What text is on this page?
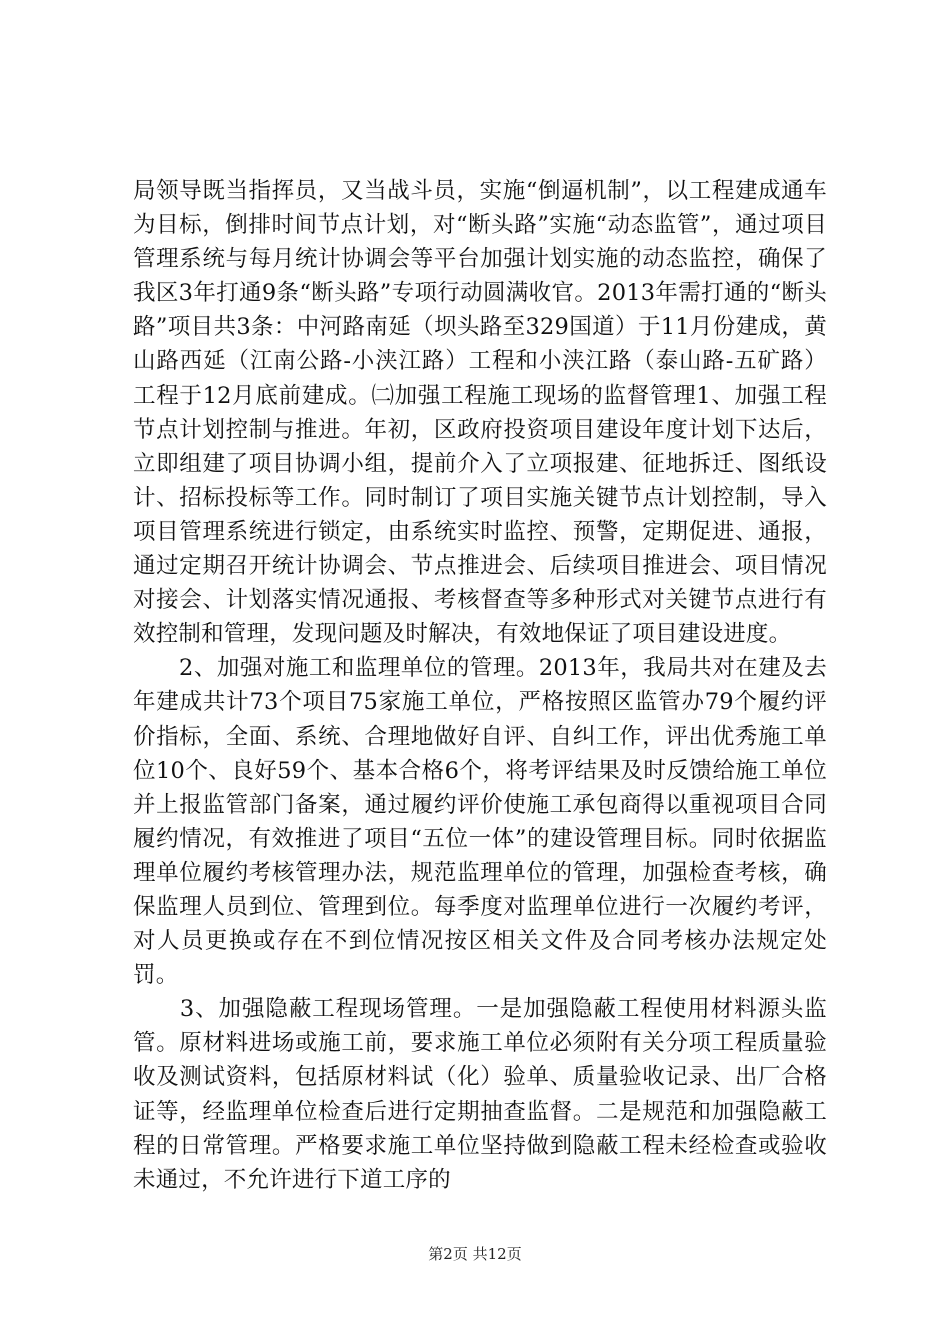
局领导既当指挥员，又当战斗员，实施“倒逼机制”，以工程建成通车为目标，倒排时间节点计划，对“断头路”实施“动态监管”，通过项目管理系统与每月统计协调会等平台加强计划实施的动态监控，确保了我区3年打通9条“断头路”专项行动圆满收官。2013年需打通的“断头路”项目共3条：中河路南延（坝头路至329国道）于11月份建成，黄山路西延（江南公路-小浃江路）工程和小浃江路（泰山路-五矿路）工程于12月底前建成。㈡加强工程施工现场的监督管理1、加强工程节点计划控制与推进。年初，区政府投资项目建设年度计划下达后，立即组建了项目协调小组，提前介入了立项报建、征地拆迁、图纸设计、招标投标等工作。同时制订了项目实施关键节点计划控制，导入项目管理系统进行锁定，由系统实时监控、预警，定期促进、通报，通过定期召开统计协调会、节点推进会、后续项目推进会、项目情况对接会、计划落实情况通报、考核督查等多种形式对关键节点进行有效控制和管理，发现问题及时解决，有效地保证了项目建设进度。

　　2、加强对施工和监理单位的管理。2013年，我局共对在建及去年建成共计73个项目75家施工单位，严格按照区监管办79个履约评价指标，全面、系统、合理地做好自评、自纠工作，评出优秀施工单位10个、良好59个、基本合格6个，将考评结果及时反馈给施工单位并上报监管部门备案，通过履约评价使施工承包商得以重视项目合同履约情况，有效推进了项目“五位一体”的建设管理目标。同时依据监理单位履约考核管理办法，规范监理单位的管理，加强检查考核，确保监理人员到位、管理到位。每季度对监理单位进行一次履约考评，对人员更换或存在不到位情况按区相关文件及合同考核办法规定处罚。

　　3、加强隐蔽工程现场管理。一是加强隐蔽工程使用材料源头监管。原材料进场或施工前，要求施工单位必须附有关分项工程质量验收及测试资料，包括原材料试（化）验单、质量验收记录、出厂合格证等，经监理单位检查后进行定期抽查监督。二是规范和加强隐蔽工程的日常管理。严格要求施工单位坚持做到隐蔽工程未经检查或验收未通过，不允许进行下道工序的

第2页 共12页
